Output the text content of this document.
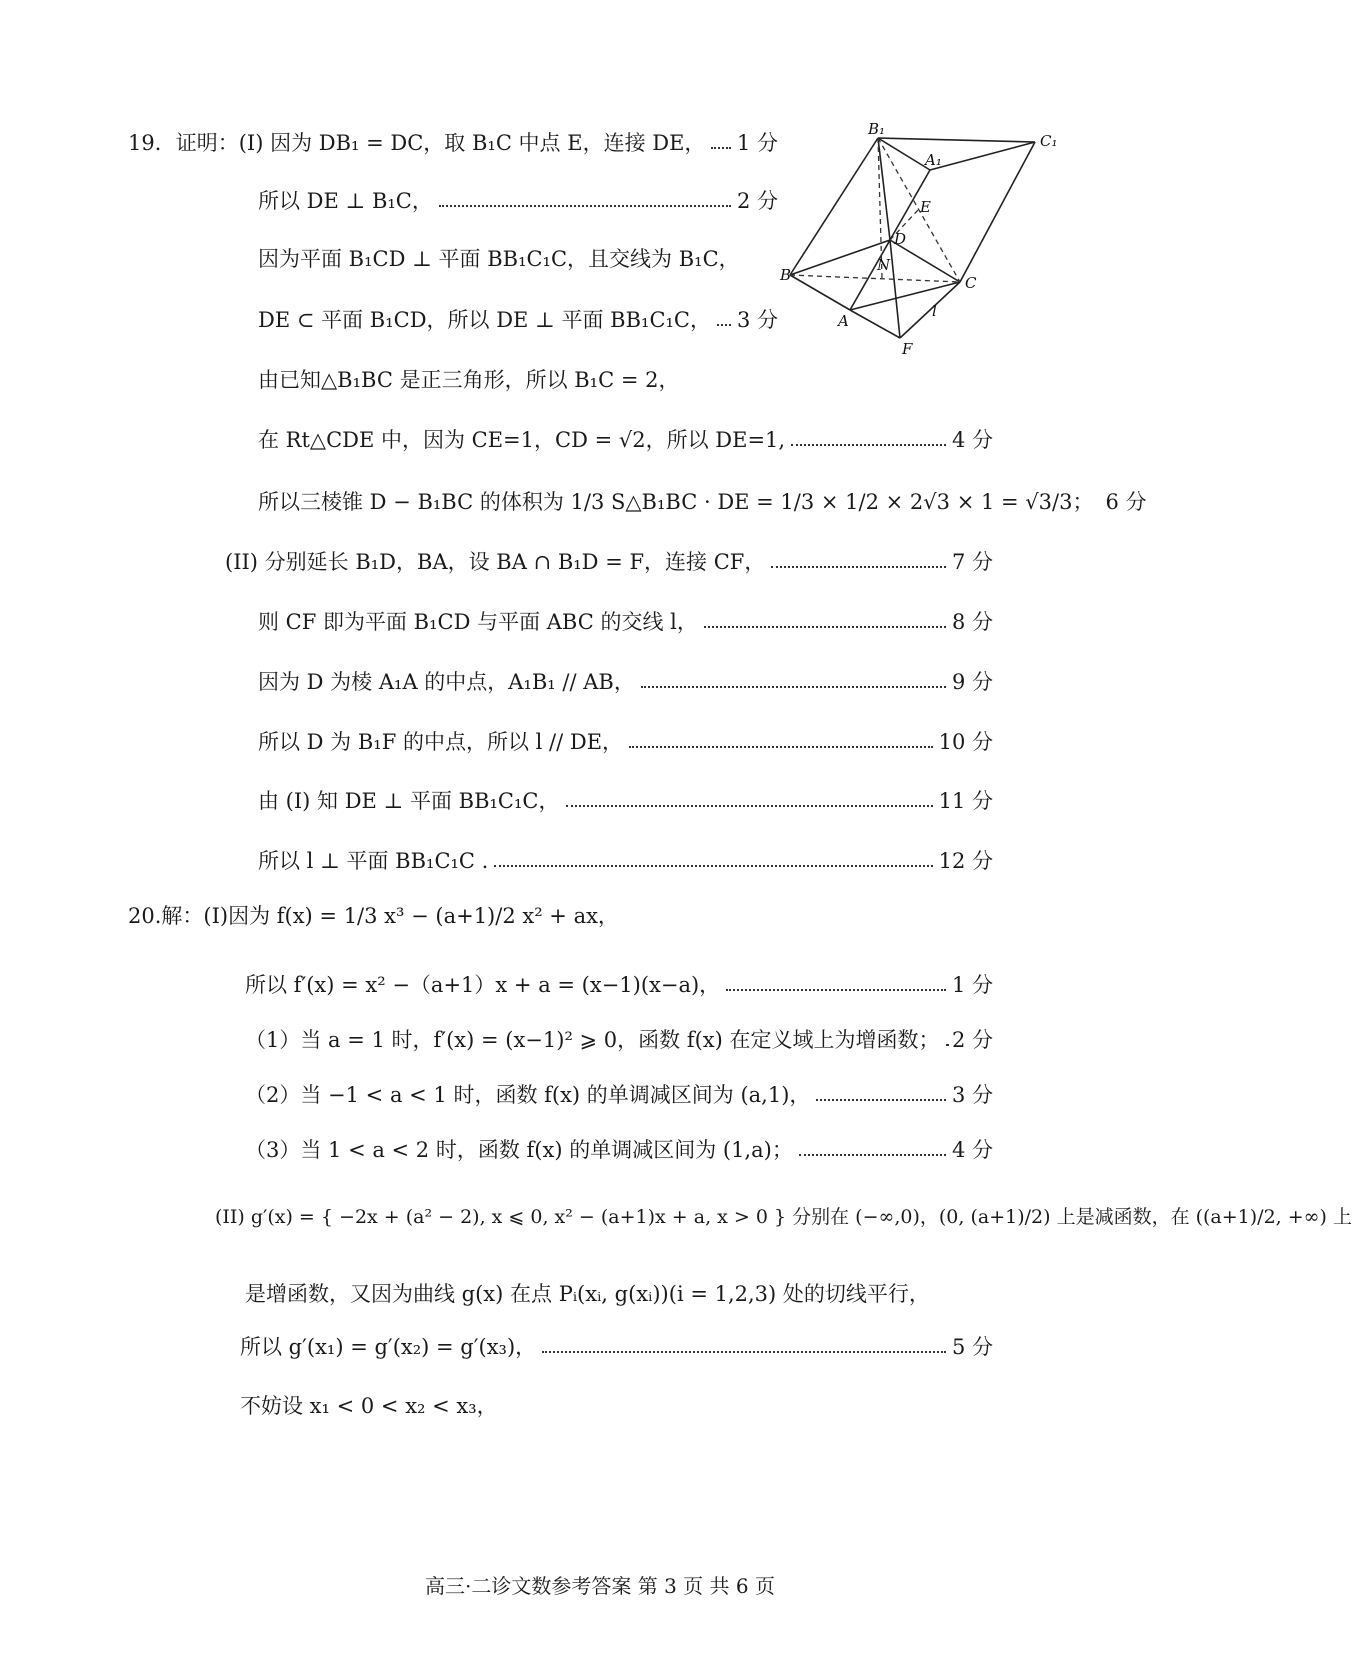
19．证明：(I) 因为 DB₁ = DC，取 B₁C 中点 E，连接 DE， 1 分
所以 DE ⊥ B₁C，	2 分
因为平面 B₁CD ⊥ 平面 BB₁C₁C，且交线为 B₁C，
DE ⊂ 平面 B₁CD，所以 DE ⊥ 平面 BB₁C₁C， 3 分
由已知△B₁BC 是正三角形，所以 B₁C = 2，
在 Rt△CDE 中，因为 CE=1，CD = √2，所以 DE=1,	4 分
所以三棱锥 D − B₁BC 的体积为 1/3 S△B₁BC · DE = 1/3 × 1/2 × 2√3 × 1 = √3/3； 6 分
(II) 分别延长 B₁D，BA，设 BA ∩ B₁D = F，连接 CF，	7 分
则 CF 即为平面 B₁CD 与平面 ABC 的交线 l，	8 分
因为 D 为棱 A₁A 的中点，A₁B₁ // AB，	9 分
所以 D 为 B₁F 的中点，所以 l // DE，	10 分
由 (I) 知 DE ⊥ 平面 BB₁C₁C，	11 分
所以 l ⊥ 平面 BB₁C₁C .	12 分
B₁
C₁
A₁
E
D
N
B	C
A
l
F
20.解：(I)因为 f(x) = 1/3 x³ − (a+1)/2 x² + ax，
所以 f′(x) = x² −（a+1）x + a = (x−1)(x−a)，	1 分
（1）当 a = 1 时，f′(x) = (x−1)² ⩾ 0，函数 f(x) 在定义域上为增函数； 2 分
（2）当 −1 < a < 1 时，函数 f(x) 的单调减区间为 (a,1)，	3 分
（3）当 1 < a < 2 时，函数 f(x) 的单调减区间为 (1,a)；	4 分
(II) g′(x) = { −2x + (a² − 2), x ⩽ 0, x² − (a+1)x + a, x > 0 } 分别在 (−∞,0)，(0, (a+1)/2) 上是减函数，在 ((a+1)/2, +∞) 上
是增函数，又因为曲线 g(x) 在点 Pᵢ(xᵢ, g(xᵢ))(i = 1,2,3) 处的切线平行，
所以 g′(x₁) = g′(x₂) = g′(x₃)，	5 分
不妨设 x₁ < 0 < x₂ < x₃，
高三·二诊文数参考答案 第 3 页 共 6 页
